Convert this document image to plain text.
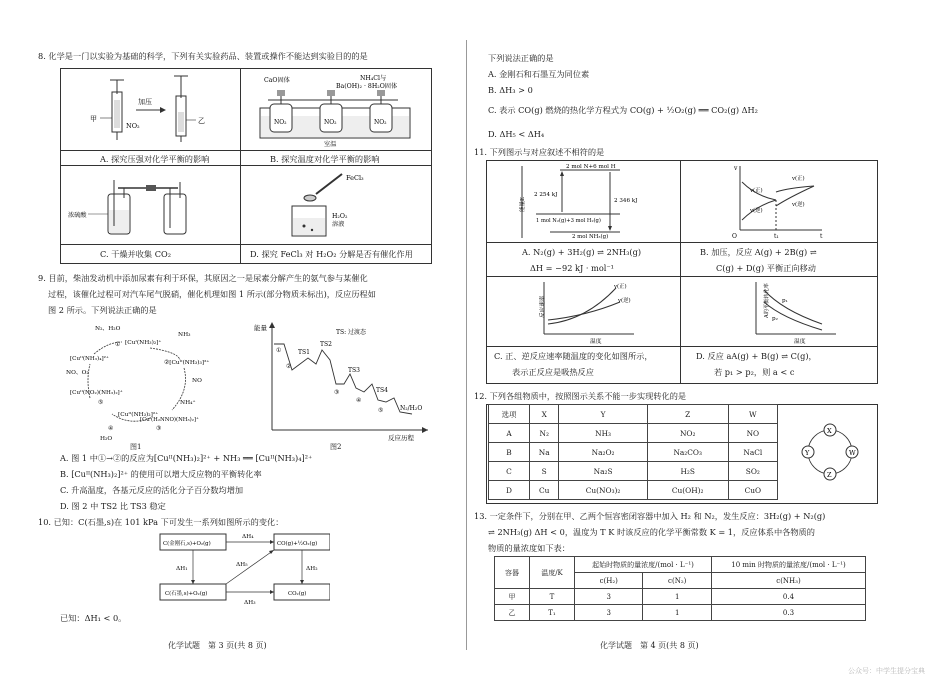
8. 化学是一门以实验为基础的科学，下列有关实验药品、装置或操作不能达到实验目的的是
甲	乙
加压
NO₂
A. 探究压强对化学平衡的影响
CaO固体	NH₄Cl与
Ba(OH)₂ · 8H₂O固体
NO₂	NO₂	NO₂
室温
B. 探究温度对化学平衡的影响
浓硫酸
C. 干燥并收集 CO₂
FeCl₃
H₂O₂
溶液
D. 探究 FeCl₃ 对 H₂O₂ 分解是否有催化作用
9. 目前，柴油发动机中添加尿素有利于环保，其原因之一是尿素分解产生的氨气参与某催化
过程，该催化过程可对汽车尾气脱硝，催化机理如图 1 所示(部分物质未标出)，反应历程如
图 2 所示。下列说法正确的是
N₂、H₂O
NH₃
[Cuᴵ(NH₃)₂]⁺
[Cuᴵᴵ(NH₃)₄]²⁺
②[Cuᴵᴵ(NH₃)₃]²⁺
NO、O₂
[Cuᴵᴵ(NO₂)(NH₃)₂]⁺
⑤
NO
NH₄⁺
[Cuᴵᴵ(NH₃)₂]²⁺
[Cuᴵ(H₂NNO)(NH₃)₂]⁺
④	③
H₂O
①
图1
能量
反应历程
TS: 过渡态
①
②
TS1
TS2
③
TS3
④
TS4
⑤	N₂/H₂O
图2
A. 图 1 中①→②的反应为[Cuᴵᴵ(NH₃)₂]²⁺ + NH₃ ══ [Cuᴵᴵ(NH₃)₄]²⁺
B. [Cuᴵᴵ(NH₃)₂]²⁺ 的使用可以增大反应物的平衡转化率
C. 升高温度，各基元反应的活化分子百分数均增加
D. 图 2 中 TS2 比 TS3 稳定
10. 已知：C(石墨,s)在 101 kPa 下可发生一系列如图所示的变化：
C(金刚石,s)+O₂(g)	CO(g)+½O₂(g)
C(石墨,s)+O₂(g)	CO₂(g)
ΔH₄
ΔH₁
ΔH₅
ΔH₂
ΔH₃
已知：ΔH₁ < 0。
化学试题　第 3 页(共 8 页)
下列说法正确的是
A. 金刚石和石墨互为同位素
B. ΔH₃ > 0
C. 表示 CO(g) 燃烧的热化学方程式为 CO(g) + ½O₂(g) ══ CO₂(g) ΔH₂
D. ΔH₅ < ΔH₄
11. 下列图示与对应叙述不相符的是
能量E
2 mol N+6 mol H
2 254 kJ
2 346 kJ
1 mol N₂(g)+3 mol H₂(g)
2 mol NH₃(g)
A. N₂(g) + 3H₂(g) ⇌ 2NH₃(g)
ΔH = −92 kJ · mol⁻¹
v
O	t
t₁
v(正)
v(逆)
v(正)
v(逆)
B. 加压，反应 A(g) + 2B(g) ⇌
C(g) + D(g) 平衡正向移动
反应速率
温度
v(正)
v(逆)
C. 正、逆反应速率随温度的变化如图所示，
表示正反应是吸热反应
A的平衡转化率
温度
p₁
p₂
D. 反应 aA(g) + B(g) ⇌ C(g)，
若 p₁ > p₂，则 a < c
12. 下列各组物质中，按照图示关系不能一步实现转化的是
选项	X	Y	Z	W
A	N₂	NH₃	NO₂	NO
B	Na	Na₂O₂	Na₂CO₃	NaCl
C	S	Na₂S	H₂S	SO₂
D	Cu	Cu(NO₃)₂	Cu(OH)₂	CuO
X
W
Z
Y
13. 一定条件下，分别在甲、乙两个恒容密闭容器中加入 H₂ 和 N₂，发生反应：3H₂(g) + N₂(g)
⇌ 2NH₃(g) ΔH < 0，温度为 T K 时该反应的化学平衡常数 K = 1，反应体系中各物质的
物质的量浓度如下表：
容器	温度/K	起始时物质的量浓度/(mol · L⁻¹)		10 min 时物质的量浓度/(mol · L⁻¹)
		c(H₂)	c(N₂)	c(NH₃)
甲	T	3	1	0.4
乙	T₁	3	1	0.3
化学试题　第 4 页(共 8 页)
公众号：中学生提分宝典
